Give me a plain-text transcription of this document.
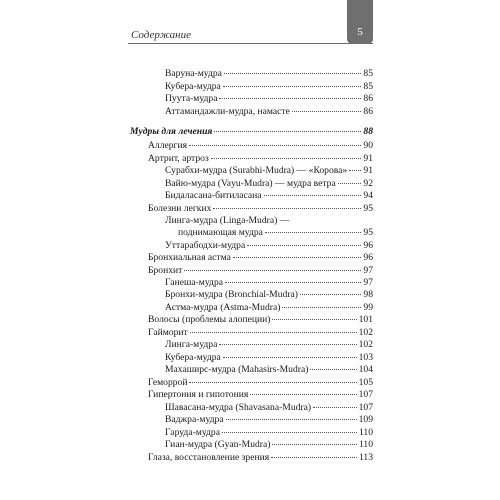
Содержание	5
Варуна-мудра	85
Кубера-мудра	85
Пуута-мудра	86
Аттамандажли-мудра, намасте	86
Мудры для лечения	88
Аллергия	90
Артрит, артроз	91
Сурабхи-мудра (Surabhi-Mudra) — «Корова» 91
Вайю-мудра (Vayu-Mudra) — мудра ветра	92
Бидаласана-битиласана	94
Болезни легких	95
Линга-мудра (Linga-Mudra) —
поднимающая мудра	95
Уттарабодхи-мудра	96
Бронхиальная астма	96
Бронхит	97
Ганеша-мудра	97
Бронхи-мудра (Bronchial-Mudra)	98
Астма-мудра (Astma-Mudra)	99
Волосы (проблемы алопеции)	101
Гайморит	102
Линга-мудра	102
Кубера-мудра	103
Махаширс-мудра (Mahasirs-Mudra)	104
Геморрой	105
Гипертония и гипотония	107
Шавасана-мудра (Shavasana-Mudra)	107
Ваджра-мудра	109
Гаруда-мудра	110
Гиан-мудра (Gyan-Mudra)	110
Глаза, восстановление зрения	113
